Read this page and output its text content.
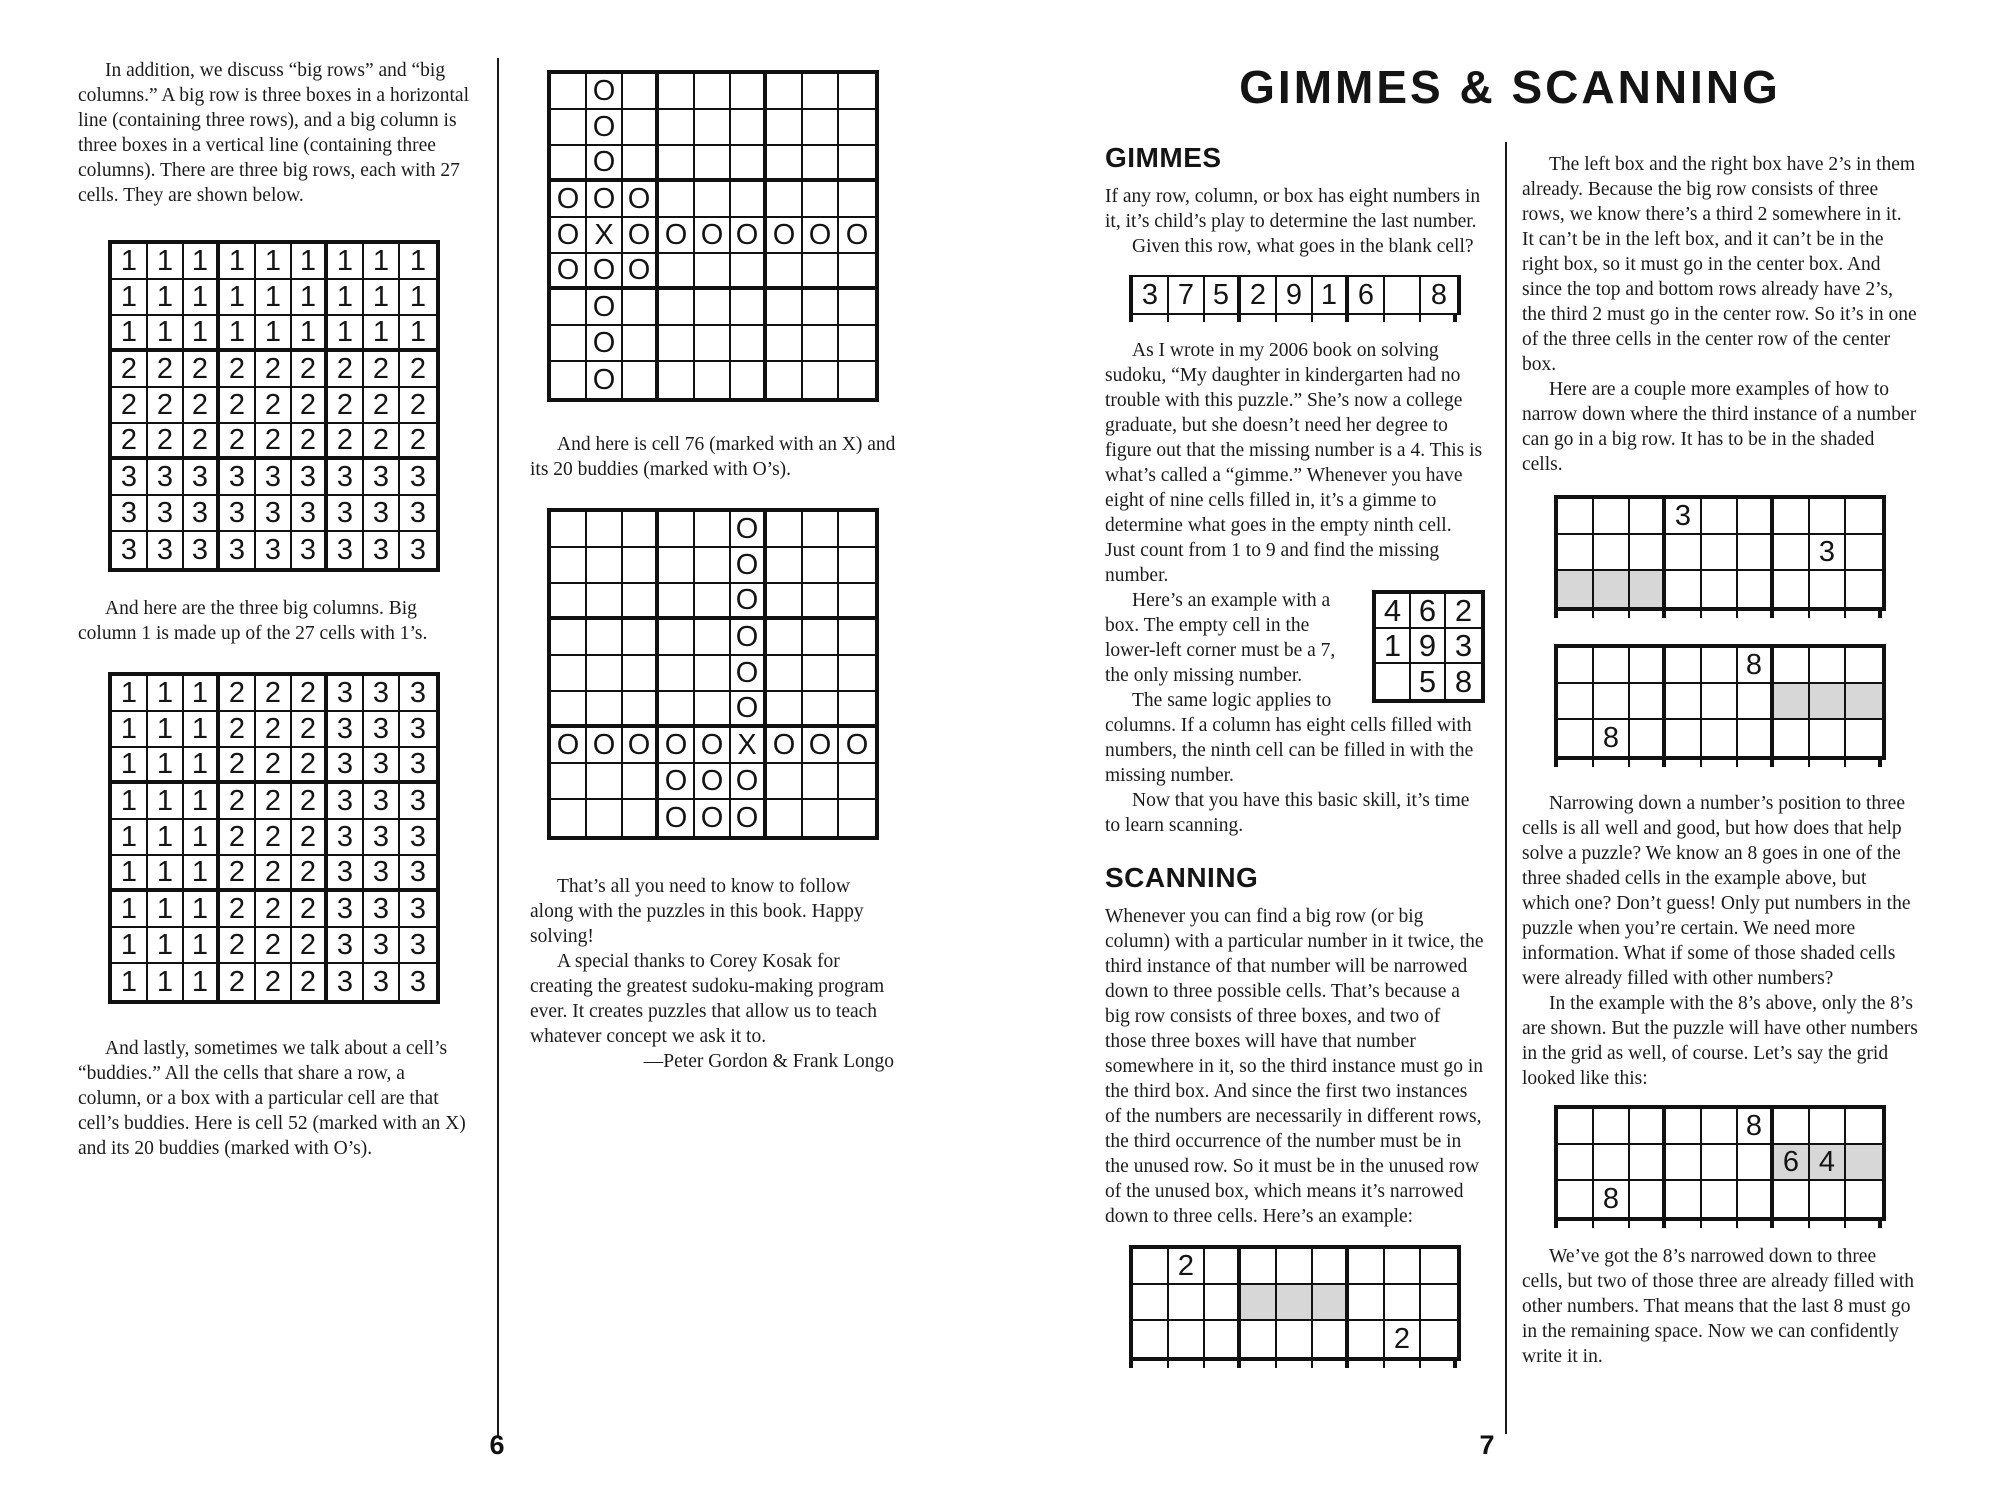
In addition, we discuss “big rows” and “big columns.” A big row is three boxes in a horizontal line (containing three rows), and a big column is three boxes in a vertical line (containing three columns). There are three big rows, each with 27 cells. They are shown below.

1 1 1 1 1 1 1 1 1
1 1 1 1 1 1 1 1 1
1 1 1 1 1 1 1 1 1
2 2 2 2 2 2 2 2 2
2 2 2 2 2 2 2 2 2
2 2 2 2 2 2 2 2 2
3 3 3 3 3 3 3 3 3
3 3 3 3 3 3 3 3 3
3 3 3 3 3 3 3 3 3

And here are the three big columns. Big column 1 is made up of the 27 cells with 1’s.

1 1 1 2 2 2 3 3 3
1 1 1 2 2 2 3 3 3
1 1 1 2 2 2 3 3 3
1 1 1 2 2 2 3 3 3
1 1 1 2 2 2 3 3 3
1 1 1 2 2 2 3 3 3
1 1 1 2 2 2 3 3 3
1 1 1 2 2 2 3 3 3
1 1 1 2 2 2 3 3 3

And lastly, sometimes we talk about a cell’s “buddies.” All the cells that share a row, a column, or a box with a particular cell are that cell’s buddies. Here is cell 52 (marked with an X) and its 20 buddies (marked with O’s).

O
O
O
O O O
O X O O O O O O O
O O O
O
O
O

And here is cell 76 (marked with an X) and its 20 buddies (marked with O’s).

O
O
O
O
O
O
O O O O O X O O O
O O O
O O O

That’s all you need to know to follow along with the puzzles in this book. Happy solving!

A special thanks to Corey Kosak for creating the greatest sudoku-making program ever. It creates puzzles that allow us to teach whatever concept we ask it to.

—Peter Gordon & Frank Longo

6
GIMMES & SCANNING
GIMMES

If any row, column, or box has eight numbers in it, it’s child’s play to determine the last number.

Given this row, what goes in the blank cell?

3 7 5 2 9 1 6	8

As I wrote in my 2006 book on solving sudoku, “My daughter in kindergarten had no trouble with this puzzle.” She’s now a college graduate, but she doesn’t need her degree to figure out that the missing number is a 4. This is what’s called a “gimme.” Whenever you have eight of nine cells filled in, it’s a gimme to determine what goes in the empty ninth cell. Just count from 1 to 9 and find the missing number.

4 6 2
1 9 3
5 8

Here’s an example with a box. The empty cell in the lower-left corner must be a 7, the only missing number.

The same logic applies to columns. If a column has eight cells filled with numbers, the ninth cell can be filled in with the missing number.

Now that you have this basic skill, it’s time to learn scanning.

SCANNING

Whenever you can find a big row (or big column) with a particular number in it twice, the third instance of that number will be narrowed down to three possible cells. That’s because a big row consists of three boxes, and two of those three boxes will have that number somewhere in it, so the third instance must go in the third box. And since the first two instances of the numbers are necessarily in different rows, the third occurrence of the number must be in the unused row. So it must be in the unused row of the unused box, which means it’s narrowed down to three cells. Here’s an example:

2
2

The left box and the right box have 2’s in them already. Because the big row consists of three rows, we know there’s a third 2 somewhere in it. It can’t be in the left box, and it can’t be in the right box, so it must go in the center box. And since the top and bottom rows already have 2’s, the third 2 must go in the center row. So it’s in one of the three cells in the center row of the center box.

Here are a couple more examples of how to narrow down where the third instance of a number can go in a big row. It has to be in the shaded cells.

3
3
8
8

Narrowing down a number’s position to three cells is all well and good, but how does that help solve a puzzle? We know an 8 goes in one of the three shaded cells in the example above, but which one? Don’t guess! Only put numbers in the puzzle when you’re certain. We need more information. What if some of those shaded cells were already filled with other numbers?

In the example with the 8’s above, only the 8’s are shown. But the puzzle will have other numbers in the grid as well, of course. Let’s say the grid looked like this:

8
6 4
8

We’ve got the 8’s narrowed down to three cells, but two of those three are already filled with other numbers. That means that the last 8 must go in the remaining space. Now we can confidently write it in.

7
